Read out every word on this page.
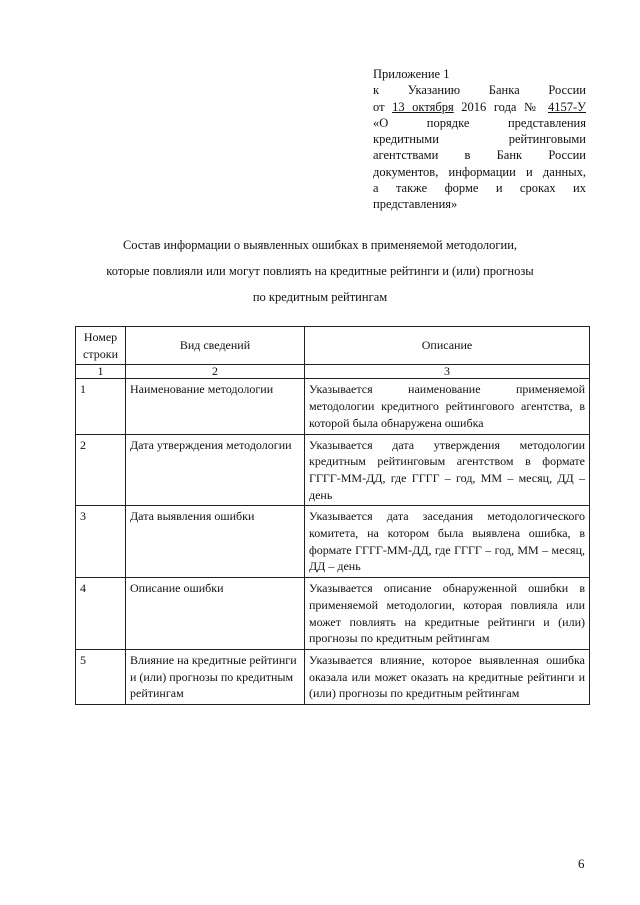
Приложение 1
к Указанию Банка России
от 13 октября 2016 года № 4157-У
«О порядке представления
кредитными рейтинговыми
агентствами в Банк России
документов, информации и данных,
а также форме и сроках их
представления»
Состав информации о выявленных ошибках в применяемой методологии,
которые повлияли или могут повлиять на кредитные рейтинги и (или) прогнозы
по кредитным рейтингам
Номер строки	Вид сведений	Описание
1	2	3
1	Наименование методологии	Указывается наименование применяемой методологии кредитного рейтингового агентства, в которой была обнаружена ошибка
2	Дата утверждения методологии	Указывается дата утверждения методологии кредитным рейтинговым агентством в формате ГГГГ-ММ-ДД, где ГГГГ – год, ММ – месяц, ДД – день
3	Дата выявления ошибки	Указывается дата заседания методологического комитета, на котором была выявлена ошибка, в формате ГГГГ-ММ-ДД, где ГГГГ – год, ММ – месяц, ДД – день
4	Описание ошибки	Указывается описание обнаруженной ошибки в применяемой методологии, которая повлияла или может повлиять на кредитные рейтинги и (или) прогнозы по кредитным рейтингам
5	Влияние на кредитные рейтинги и (или) прогнозы по кредитным рейтингам	Указывается влияние, которое выявленная ошибка оказала или может оказать на кредитные рейтинги и (или) прогнозы по кредитным рейтингам
6
